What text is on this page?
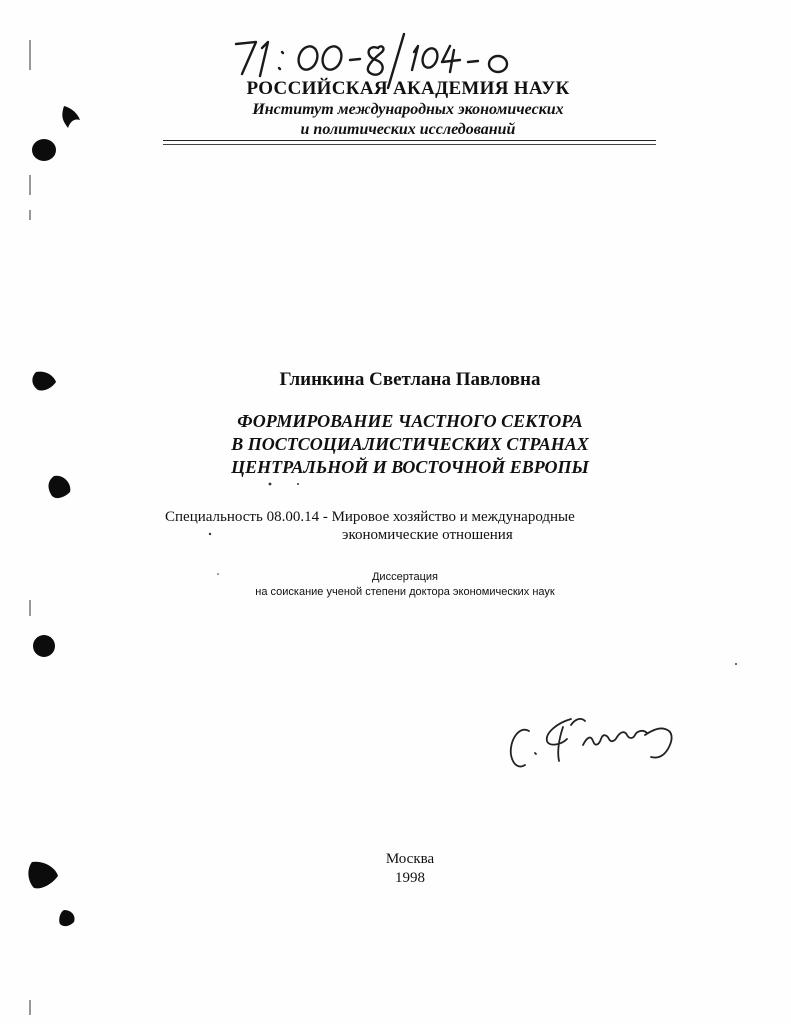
РОССИЙСКАЯ АКАДЕМИЯ НАУК
Институт международных экономических
и политических исследований
Глинкина Светлана Павловна
ФОРМИРОВАНИЕ ЧАСТНОГО СЕКТОРА
В ПОСТСОЦИАЛИСТИЧЕСКИХ СТРАНАХ
ЦЕНТРАЛЬНОЙ И ВОСТОЧНОЙ ЕВРОПЫ
Специальность 08.00.14 - Мировое хозяйство и международные
экономические отношения
Диссертация
на соискание ученой степени доктора экономических наук
Москва
1998
